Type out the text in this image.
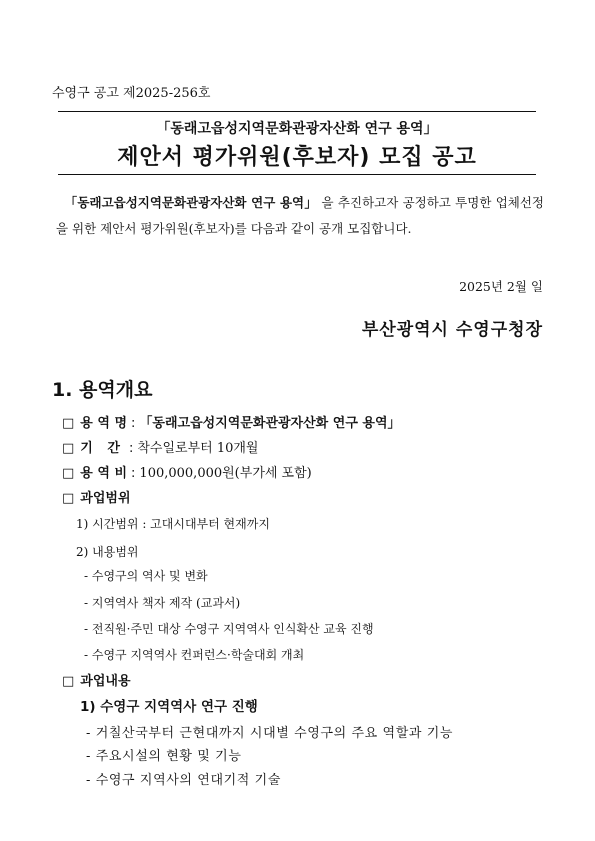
수영구 공고 제2025-256호
「동래고읍성지역문화관광자산화 연구 용역」
제안서 평가위원(후보자) 모집 공고
「동래고읍성지역문화관광자산화 연구 용역」 을 추진하고자 공정하고 투명한 업체선정을 위한 제안서 평가위원(후보자)를 다음과 같이 공개 모집합니다.
2025년 2월 일
부산광역시 수영구청장
1. 용역개요
□ 용 역 명 : 「동래고읍성지역문화관광자산화 연구 용역」
□ 기 간 : 착수일로부터 10개월
□ 용 역 비 : 100,000,000원(부가세 포함)
□ 과업범위
1) 시간범위 : 고대시대부터 현재까지
2) 내용범위
- 수영구의 역사 및 변화
- 지역역사 책자 제작 (교과서)
- 전직원·주민 대상 수영구 지역역사 인식확산 교육 진행
- 수영구 지역역사 컨퍼런스·학술대회 개최
□ 과업내용
1) 수영구 지역역사 연구 진행
- 거칠산국부터 근현대까지 시대별 수영구의 주요 역할과 기능
- 주요시설의 현황 및 기능
- 수영구 지역사의 연대기적 기술
